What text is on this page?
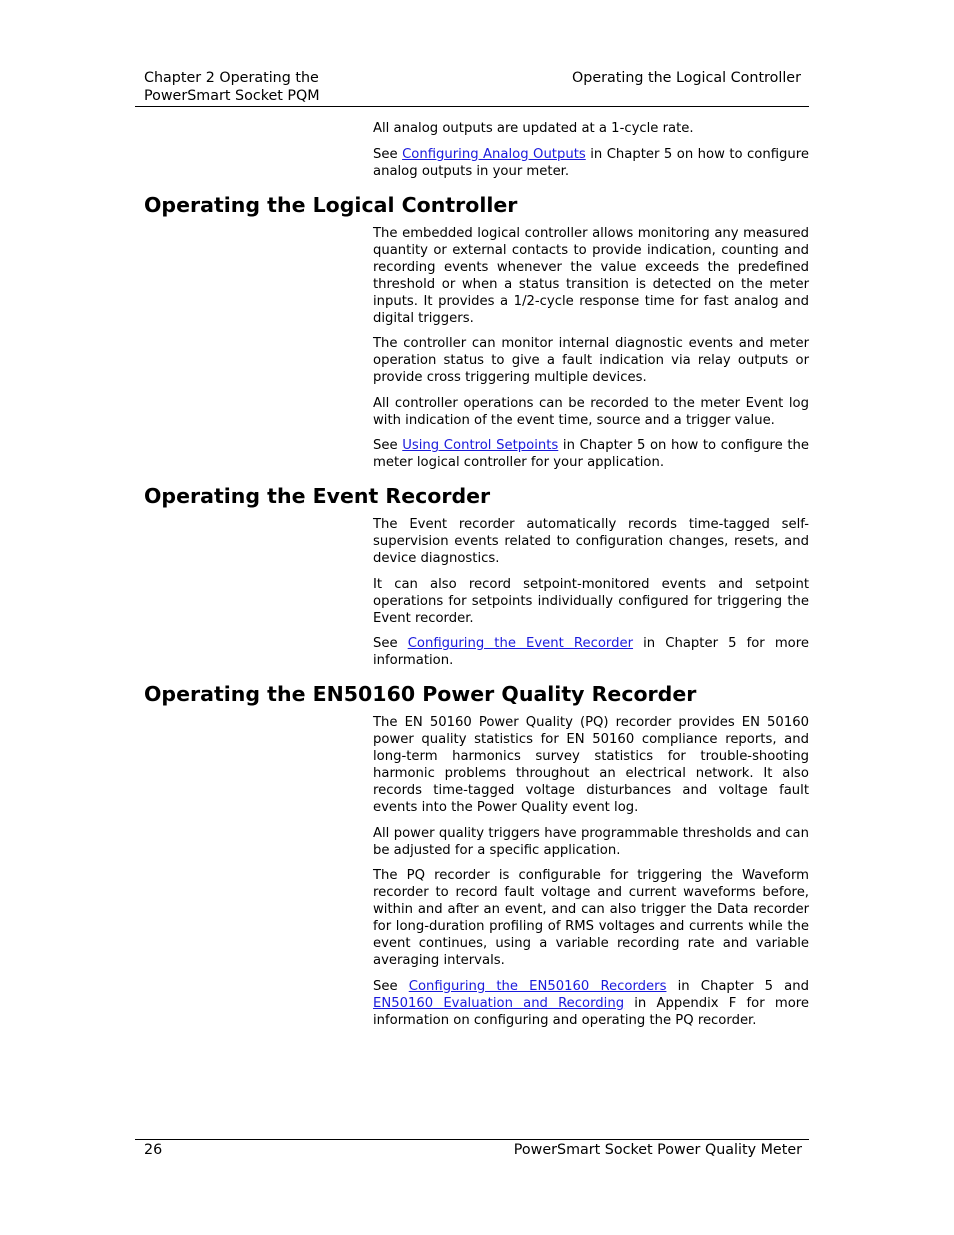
Chapter 2 Operating the
PowerSmart Socket PQM
Operating the Logical Controller

All analog outputs are updated at a 1-cycle rate.

See Configuring Analog Outputs in Chapter 5 on how to configure analog outputs in your meter.

Operating the Logical Controller

The embedded logical controller allows monitoring any measured quantity or external contacts to provide indication, counting and recording events whenever the value exceeds the predefined threshold or when a status transition is detected on the meter inputs. It provides a 1/2-cycle response time for fast analog and digital triggers.

The controller can monitor internal diagnostic events and meter operation status to give a fault indication via relay outputs or provide cross triggering multiple devices.

All controller operations can be recorded to the meter Event log with indication of the event time, source and a trigger value.

See Using Control Setpoints in Chapter 5 on how to configure the meter logical controller for your application.

Operating the Event Recorder

The Event recorder automatically records time-tagged self-supervision events related to configuration changes, resets, and device diagnostics.

It can also record setpoint-monitored events and setpoint operations for setpoints individually configured for triggering the Event recorder.

See Configuring the Event Recorder in Chapter 5 for more information.

Operating the EN50160 Power Quality Recorder

The EN 50160 Power Quality (PQ) recorder provides EN 50160 power quality statistics for EN 50160 compliance reports, and long-term harmonics survey statistics for trouble-shooting harmonic problems throughout an electrical network. It also records time-tagged voltage disturbances and voltage fault events into the Power Quality event log.

All power quality triggers have programmable thresholds and can be adjusted for a specific application.

The PQ recorder is configurable for triggering the Waveform recorder to record fault voltage and current waveforms before, within and after an event, and can also trigger the Data recorder for long-duration profiling of RMS voltages and currents while the event continues, using a variable recording rate and variable averaging intervals.

See Configuring the EN50160 Recorders in Chapter 5 and EN50160 Evaluation and Recording in Appendix F for more information on configuring and operating the PQ recorder.

26	PowerSmart Socket Power Quality Meter
